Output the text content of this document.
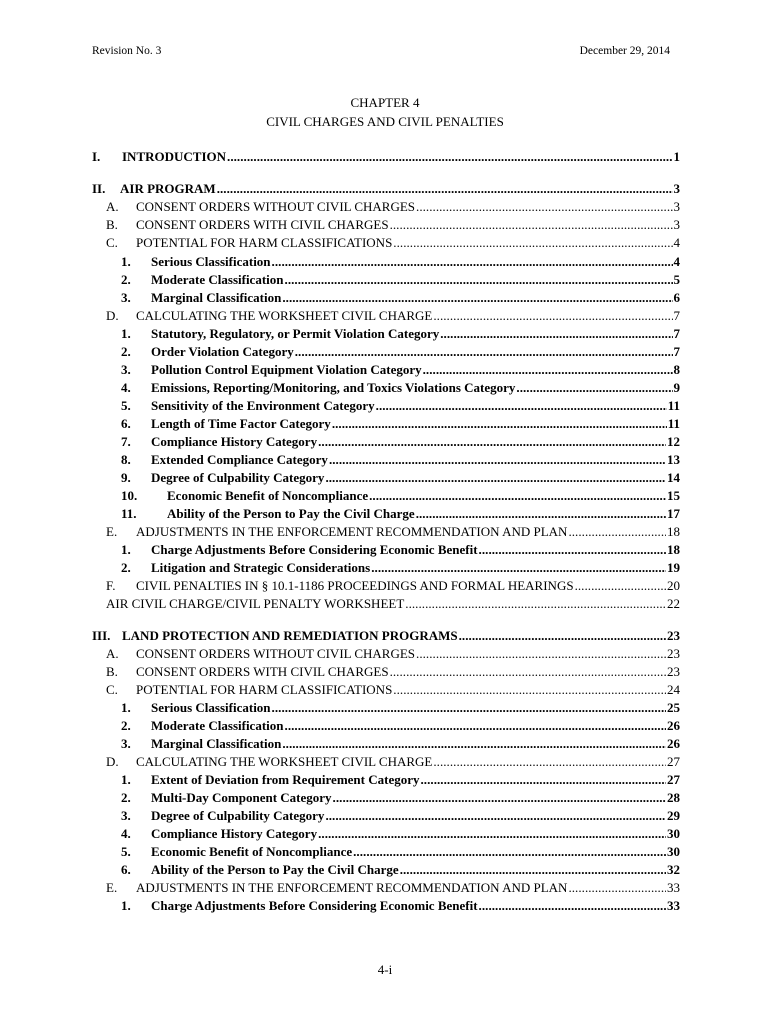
Revision No. 3	December 29, 2014
CHAPTER 4
CIVIL CHARGES AND CIVIL PENALTIES
I.	INTRODUCTION . . .	1
II.	AIR PROGRAM . . .	3
A.	CONSENT ORDERS WITHOUT CIVIL CHARGES . . .	3
B.	CONSENT ORDERS WITH CIVIL CHARGES . . .	3
C.	POTENTIAL FOR HARM CLASSIFICATIONS . . .	4
1.	Serious Classification . . .	4
2.	Moderate Classification . . .	5
3.	Marginal Classification . . .	6
D.	CALCULATING THE WORKSHEET CIVIL CHARGE . . .	7
1.	Statutory, Regulatory, or Permit Violation Category . . .	7
2.	Order Violation Category . . .	7
3.	Pollution Control Equipment Violation Category . . .	8
4.	Emissions, Reporting/Monitoring, and Toxics Violations Category . . .	9
5.	Sensitivity of the Environment Category . . .	11
6.	Length of Time Factor Category . . .	11
7.	Compliance History Category . . .	12
8.	Extended Compliance Category . . .	13
9.	Degree of Culpability Category . . .	14
10.	Economic Benefit of Noncompliance . . .	15
11.	Ability of the Person to Pay the Civil Charge . . .	17
E.	ADJUSTMENTS IN THE ENFORCEMENT RECOMMENDATION AND PLAN . . .	18
1.	Charge Adjustments Before Considering Economic Benefit . . .	18
2.	Litigation and Strategic Considerations . . .	19
F.	CIVIL PENALTIES IN § 10.1-1186 PROCEEDINGS AND FORMAL HEARINGS . . .	20
AIR CIVIL CHARGE/CIVIL PENALTY WORKSHEET . . .	22
III. LAND PROTECTION AND REMEDIATION PROGRAMS . . .	23
A.	CONSENT ORDERS WITHOUT CIVIL CHARGES . . .	23
B.	CONSENT ORDERS WITH CIVIL CHARGES . . .	23
C.	POTENTIAL FOR HARM CLASSIFICATIONS . . .	24
1.	Serious Classification . . .	25
2.	Moderate Classification . . .	26
3.	Marginal Classification . . .	26
D.	CALCULATING THE WORKSHEET CIVIL CHARGE . . .	27
1.	Extent of Deviation from Requirement Category . . .	27
2.	Multi-Day Component Category . . .	28
3.	Degree of Culpability Category . . .	29
4.	Compliance History Category . . .	30
5.	Economic Benefit of Noncompliance . . .	30
6.	Ability of the Person to Pay the Civil Charge . . .	32
E.	ADJUSTMENTS IN THE ENFORCEMENT RECOMMENDATION AND PLAN . . .	33
1.	Charge Adjustments Before Considering Economic Benefit . . .	33
4-i
